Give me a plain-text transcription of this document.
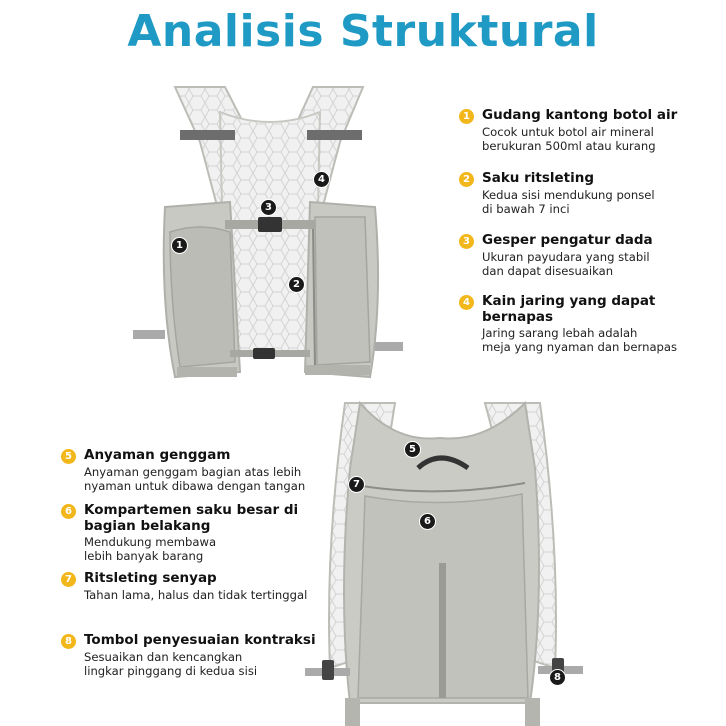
Analisis Struktural
1
2
3
4
5
6
7
8
1 Gudang kantong botol air
Cocok untuk botol air mineral
berukuran 500ml atau kurang
2 Saku ritsleting
Kedua sisi mendukung ponsel
di bawah 7 inci
3 Gesper pengatur dada
Ukuran payudara yang stabil
dan dapat disesuaikan
4 Kain jaring yang dapat
bernapas
Jaring sarang lebah adalah
meja yang nyaman dan bernapas
5 Anyaman genggam
Anyaman genggam bagian atas lebih
nyaman untuk dibawa dengan tangan
6 Kompartemen saku besar di
bagian belakang
Mendukung membawa
lebih banyak barang
7 Ritsleting senyap
Tahan lama, halus dan tidak tertinggal
8 Tombol penyesuaian kontraksi
Sesuaikan dan kencangkan
lingkar pinggang di kedua sisi
